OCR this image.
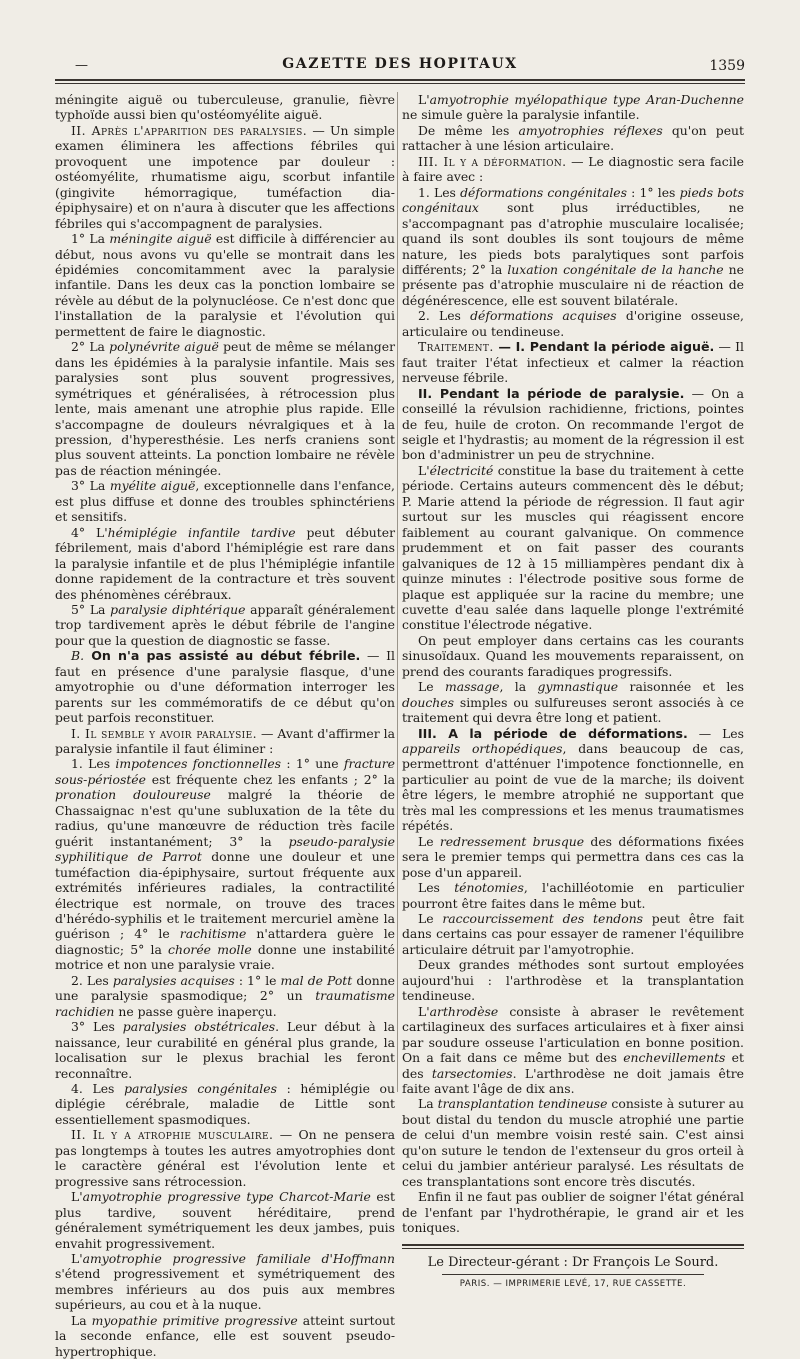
—	GAZETTE DES HOPITAUX	1359

méningite aiguë ou tuberculeuse, granulie, fièvre typhoïde aussi bien qu'ostéomyélite aiguë.

II. Après l'apparition des paralysies. — Un simple examen éliminera les affections fébriles qui provoquent une impotence par douleur : ostéomyélite, rhumatisme aigu, scorbut infantile (gingivite hémorragique, tuméfaction dia-épiphysaire) et on n'aura à discuter que les affections fébriles qui s'accompagnent de paralysies.

1° La méningite aiguë est difficile à différencier au début, nous avons vu qu'elle se montrait dans les épidémies concomitamment avec la paralysie infantile. Dans les deux cas la ponction lombaire se révèle au début de la polynucléose. Ce n'est donc que l'installation de la paralysie et l'évolution qui permettent de faire le diagnostic.

2° La polynévrite aiguë peut de même se mélanger dans les épidémies à la paralysie infantile. Mais ses paralysies sont plus souvent progressives, symétriques et généralisées, à rétrocession plus lente, mais amenant une atrophie plus rapide. Elle s'accompagne de douleurs névralgiques et à la pression, d'hyperesthésie. Les nerfs craniens sont plus souvent atteints. La ponction lombaire ne révèle pas de réaction méningée.

3° La myélite aiguë, exceptionnelle dans l'enfance, est plus diffuse et donne des troubles sphinctériens et sensitifs.

4° L'hémiplégie infantile tardive peut débuter fébrilement, mais d'abord l'hémiplégie est rare dans la paralysie infantile et de plus l'hémiplégie infantile donne rapidement de la contracture et très souvent des phénomènes cérébraux.

5° La paralysie diphtérique apparaît généralement trop tardivement après le début fébrile de l'angine pour que la question de diagnostic se fasse.

B. On n'a pas assisté au début fébrile. — Il faut en présence d'une paralysie flasque, d'une amyotrophie ou d'une déformation interroger les parents sur les commémoratifs de ce début qu'on peut parfois reconstituer.

I. Il semble y avoir paralysie. — Avant d'affirmer la paralysie infantile il faut éliminer :

1. Les impotences fonctionnelles : 1° une fracture sous-périostée est fréquente chez les enfants ; 2° la pronation douloureuse malgré la théorie de Chassaignac n'est qu'une subluxation de la tête du radius, qu'une manœuvre de réduction très facile guérit instantanément; 3° la pseudo-paralysie syphilitique de Parrot donne une douleur et une tuméfaction dia-épiphysaire, surtout fréquente aux extrémités inférieures radiales, la contractilité électrique est normale, on trouve des traces d'hérédo-syphilis et le traitement mercuriel amène la guérison ; 4° le rachitisme n'attardera guère le diagnostic; 5° la chorée molle donne une instabilité motrice et non une paralysie vraie.

2. Les paralysies acquises : 1° le mal de Pott donne une paralysie spasmodique; 2° un traumatisme rachidien ne passe guère inaperçu.

3° Les paralysies obstétricales. Leur début à la naissance, leur curabilité en général plus grande, la localisation sur le plexus brachial les feront reconnaître.

4. Les paralysies congénitales : hémiplégie ou diplégie cérébrale, maladie de Little sont essentiellement spasmodiques.

II. Il y a atrophie musculaire. — On ne pensera pas longtemps à toutes les autres amyotrophies dont le caractère général est l'évolution lente et progressive sans rétrocession.

L'amyotrophie progressive type Charcot-Marie est plus tardive, souvent héréditaire, prend généralement symétriquement les deux jambes, puis envahit progressivement.

L'amyotrophie progressive familiale d'Hoffmann s'étend progressivement et symétriquement des membres inférieurs au dos puis aux membres supérieurs, au cou et à la nuque.

La myopathie primitive progressive atteint surtout la seconde enfance, elle est souvent pseudo-hypertrophique.

L'amyotrophie myélopathique type Aran-Duchenne ne simule guère la paralysie infantile.

De même les amyotrophies réflexes qu'on peut rattacher à une lésion articulaire.

III. Il y a déformation. — Le diagnostic sera facile à faire avec :

1. Les déformations congénitales : 1° les pieds bots congénitaux sont plus irréductibles, ne s'accompagnant pas d'atrophie musculaire localisée; quand ils sont doubles ils sont toujours de même nature, les pieds bots paralytiques sont parfois différents; 2° la luxation congénitale de la hanche ne présente pas d'atrophie musculaire ni de réaction de dégénérescence, elle est souvent bilatérale.

2. Les déformations acquises d'origine osseuse, articulaire ou tendineuse.

Traitement. — I. Pendant la période aiguë. — Il faut traiter l'état infectieux et calmer la réaction nerveuse fébrile.

II. Pendant la période de paralysie. — On a conseillé la révulsion rachidienne, frictions, pointes de feu, huile de croton. On recommande l'ergot de seigle et l'hydrastis; au moment de la régression il est bon d'administrer un peu de strychnine.

L'électricité constitue la base du traitement à cette période. Certains auteurs commencent dès le début; P. Marie attend la période de régression. Il faut agir surtout sur les muscles qui réagissent encore faiblement au courant galvanique. On commence prudemment et on fait passer des courants galvaniques de 12 à 15 milliampères pendant dix à quinze minutes : l'électrode positive sous forme de plaque est appliquée sur la racine du membre; une cuvette d'eau salée dans laquelle plonge l'extrémité constitue l'électrode négative.

On peut employer dans certains cas les courants sinusoïdaux. Quand les mouvements reparaissent, on prend des courants faradiques progressifs.

Le massage, la gymnastique raisonnée et les douches simples ou sulfureuses seront associés à ce traitement qui devra être long et patient.

III. A la période de déformations. — Les appareils orthopédiques, dans beaucoup de cas, permettront d'atténuer l'impotence fonctionnelle, en particulier au point de vue de la marche; ils doivent être légers, le membre atrophié ne supportant que très mal les compressions et les menus traumatismes répétés.

Le redressement brusque des déformations fixées sera le premier temps qui permettra dans ces cas la pose d'un appareil.

Les ténotomies, l'achilléotomie en particulier pourront être faites dans le même but.

Le raccourcissement des tendons peut être fait dans certains cas pour essayer de ramener l'équilibre articulaire détruit par l'amyotrophie.

Deux grandes méthodes sont surtout employées aujourd'hui : l'arthrodèse et la transplantation tendineuse.

L'arthrodèse consiste à abraser le revêtement cartilagineux des surfaces articulaires et à fixer ainsi par soudure osseuse l'articulation en bonne position. On a fait dans ce même but des enchevillements et des tarsectomies. L'arthrodèse ne doit jamais être faite avant l'âge de dix ans.

La transplantation tendineuse consiste à suturer au bout distal du tendon du muscle atrophié une partie de celui d'un membre voisin resté sain. C'est ainsi qu'on suture le tendon de l'extenseur du gros orteil à celui du jambier antérieur paralysé. Les résultats de ces transplantations sont encore très discutés.

Enfin il ne faut pas oublier de soigner l'état général de l'enfant par l'hydrothérapie, le grand air et les toniques.

Le Directeur-gérant : Dr François Le Sourd.

PARIS. — IMPRIMERIE LEVÉ, 17, RUE CASSETTE.
